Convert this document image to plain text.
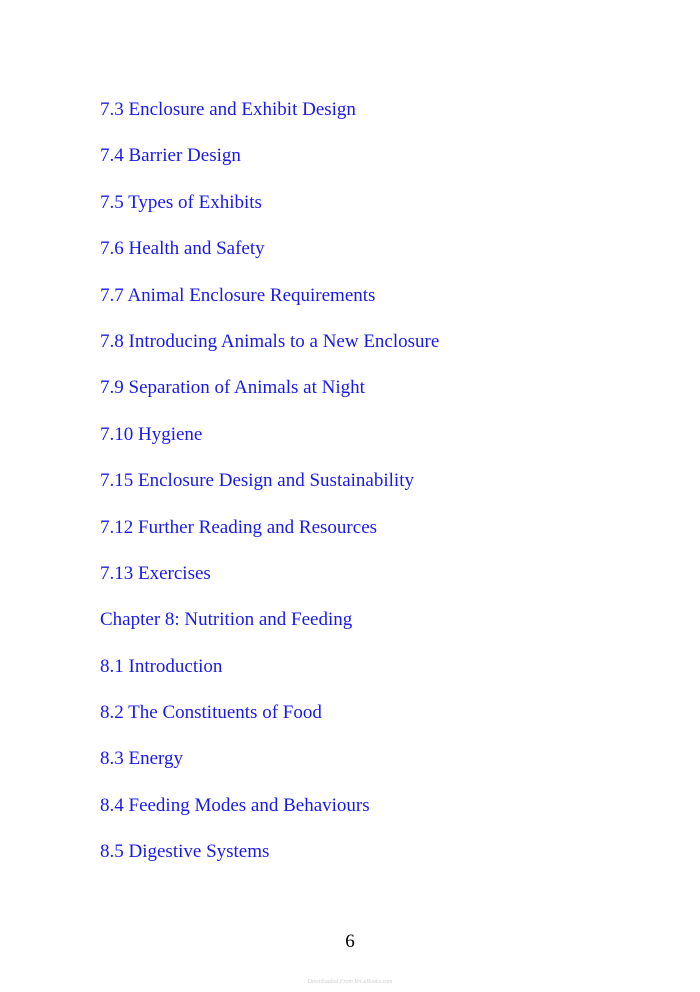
7.3 Enclosure and Exhibit Design
7.4 Barrier Design
7.5 Types of Exhibits
7.6 Health and Safety
7.7 Animal Enclosure Requirements
7.8 Introducing Animals to a New Enclosure
7.9 Separation of Animals at Night
7.10 Hygiene
7.15 Enclosure Design and Sustainability
7.12 Further Reading and Resources
7.13 Exercises
Chapter 8: Nutrition and Feeding
8.1 Introduction
8.2 The Constituents of Food
8.3 Energy
8.4 Feeding Modes and Behaviours
8.5 Digestive Systems
6
Downloaded From Vet-eBooks.com
